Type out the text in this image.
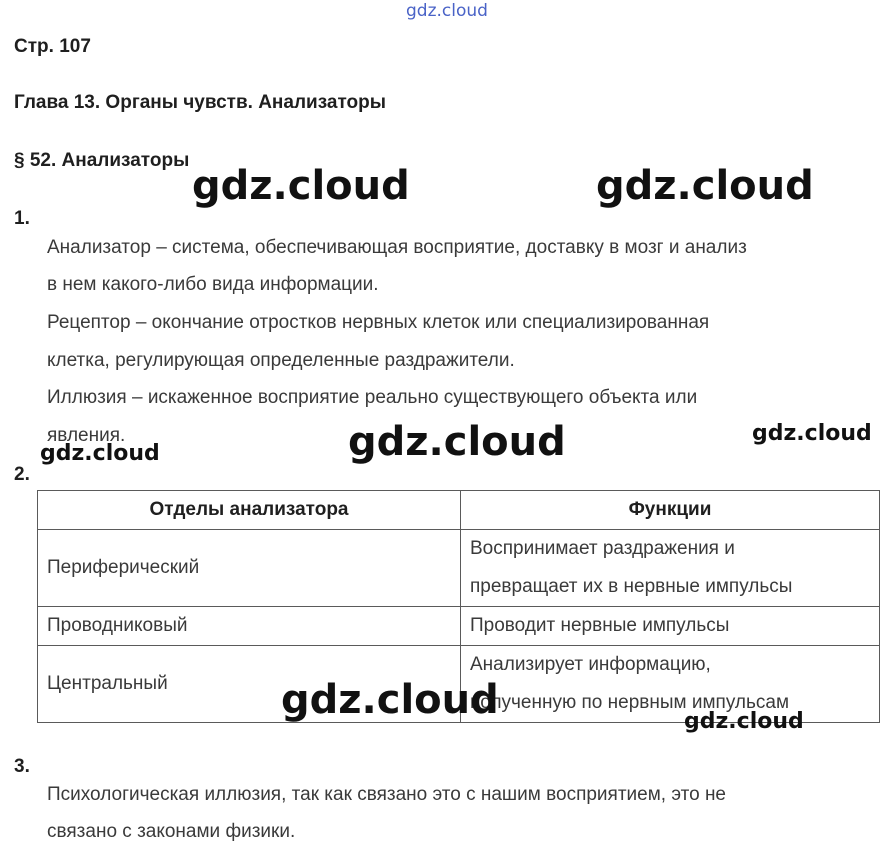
gdz.cloud
Стр. 107
Глава 13. Органы чувств. Анализаторы
§ 52. Анализаторы
1.
Анализатор – система, обеспечивающая восприятие, доставку в мозг и анализ
в нем какого-либо вида информации.
Рецептор – окончание отростков нервных клеток или специализированная
клетка, регулирующая определенные раздражители.
Иллюзия – искаженное восприятие реально существующего объекта или
явления.
2.
Отделы анализатора	Функции
Периферический	Воспринимает раздражения и
превращает их в нервные импульсы

Проводниковый	Проводит нервные импульсы

Центральный	Анализирует информацию,
полученную по нервным импульсам
3.
Психологическая иллюзия, так как связано это с нашим восприятием, это не
связано с законами физики.
gdz.cloud	gdz.cloud
gdz.cloud	gdz.cloud
gdz.cloud
gdz.cloud	gdz.cloud
